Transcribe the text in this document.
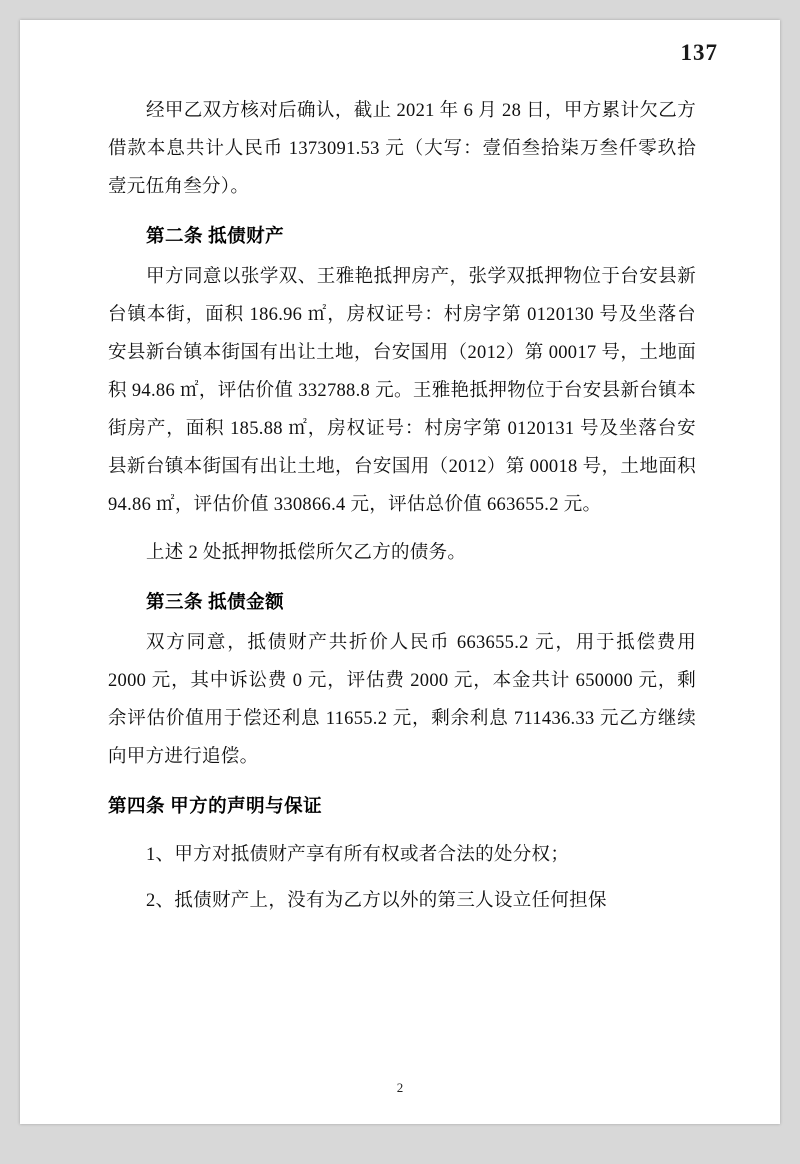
137

经甲乙双方核对后确认，截止 2021 年 6 月 28 日，甲方累计欠乙方借款本息共计人民币 1373091.53 元（大写：壹佰叁拾柒万叁仟零玖拾壹元伍角叁分）。

第二条 抵债财产

甲方同意以张学双、王雅艳抵押房产，张学双抵押物位于台安县新台镇本街，面积 186.96 ㎡，房权证号：村房字第 0120130 号及坐落台安县新台镇本街国有出让土地，台安国用（2012）第 00017 号，土地面积 94.86 ㎡，评估价值 332788.8 元。王雅艳抵押物位于台安县新台镇本街房产，面积 185.88 ㎡，房权证号：村房字第 0120131 号及坐落台安县新台镇本街国有出让土地，台安国用（2012）第 00018 号，土地面积 94.86 ㎡，评估价值 330866.4 元，评估总价值 663655.2 元。

上述 2 处抵押物抵偿所欠乙方的债务。

第三条 抵债金额

双方同意，抵债财产共折价人民币 663655.2 元，用于抵偿费用 2000 元，其中诉讼费 0 元，评估费 2000 元，本金共计 650000 元，剩余评估价值用于偿还利息 11655.2 元，剩余利息 711436.33 元乙方继续向甲方进行追偿。

第四条 甲方的声明与保证

1、甲方对抵债财产享有所有权或者合法的处分权；

2、抵债财产上，没有为乙方以外的第三人设立任何担保

2
